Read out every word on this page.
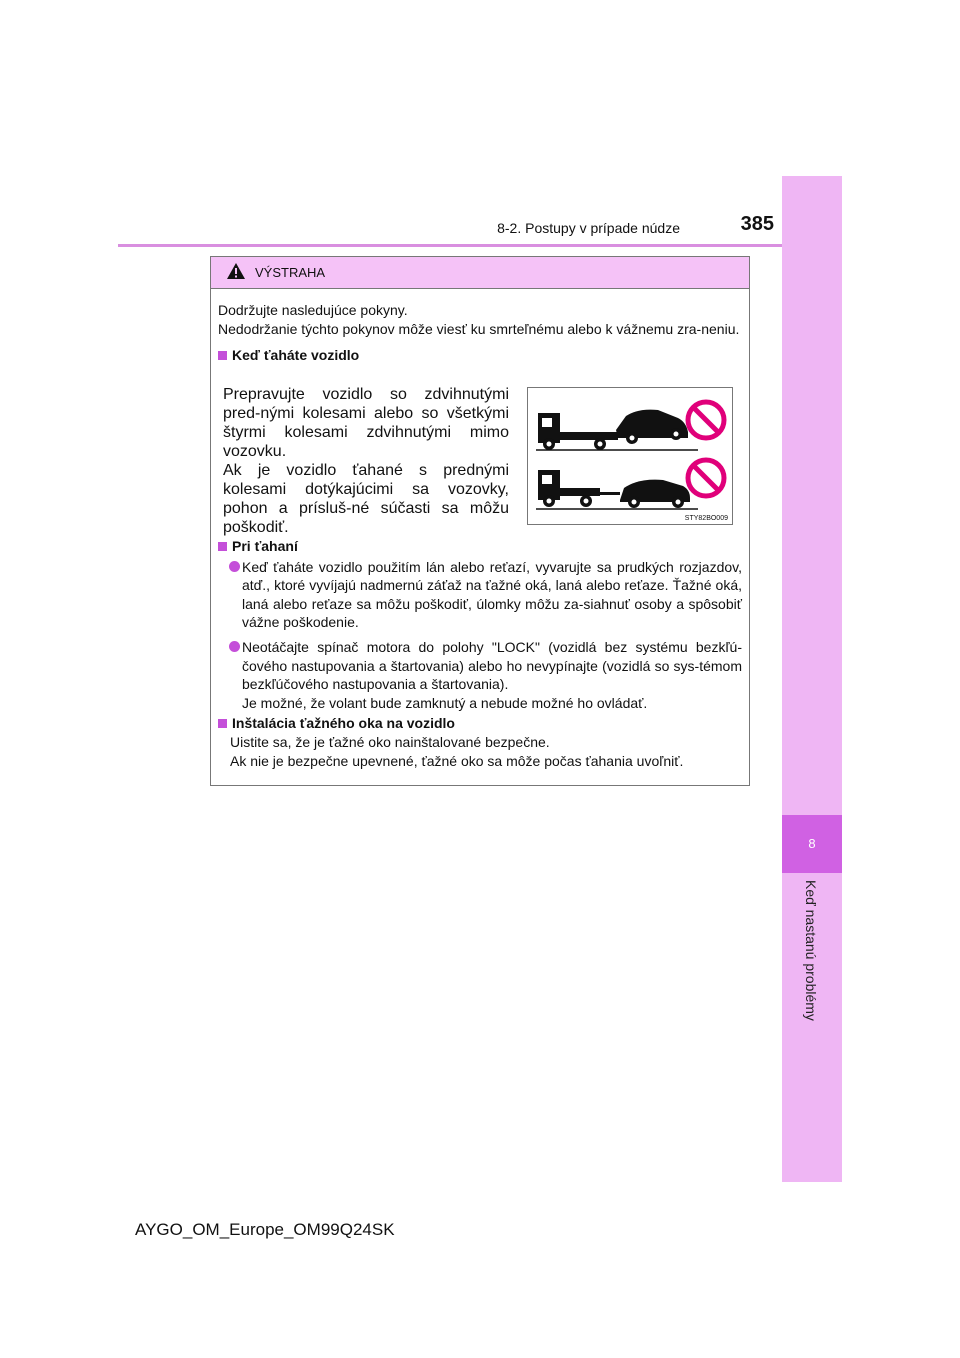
8
Keď nastanú problémy
8-2. Postupy v prípade núdze	385
VÝSTRAHA

Dodržujte nasledujúce pokyny.

Nedodržanie týchto pokynov môže viesť ku smrteľnému alebo k vážnemu zra-neniu.

Keď ťaháte vozidlo

Prepravujte vozidlo so zdvihnutými pred-nými kolesami alebo so všetkými štyrmi kolesami zdvihnutými mimo vozovku.

Ak je vozidlo ťahané s prednými kolesami dotýkajúcimi sa vozovky, pohon a prísluš-né súčasti sa môžu poškodiť.

STY82BO009

Pri ťahaní

Keď ťaháte vozidlo použitím lán alebo reťazí, vyvarujte sa prudkých rozjazdov, atď., ktoré vyvíjajú nadmernú záťaž na ťažné oká, laná alebo reťaze. Ťažné oká, laná alebo reťaze sa môžu poškodiť, úlomky môžu za-siahnuť osoby a spôsobiť vážne poškodenie.
Neotáčajte spínač motora do polohy "LOCK" (vozidlá bez systému bezkľú-čového nastupovania a štartovania) alebo ho nevypínajte (vozidlá so sys-témom bezkľúčového nastupovania a štartovania).
Je možné, že volant bude zamknutý a nebude možné ho ovládať.

Inštalácia ťažného oka na vozidlo

Uistite sa, že je ťažné oko nainštalované bezpečne.

Ak nie je bezpečne upevnené, ťažné oko sa môže počas ťahania uvoľniť.

AYGO_OM_Europe_OM99Q24SK
